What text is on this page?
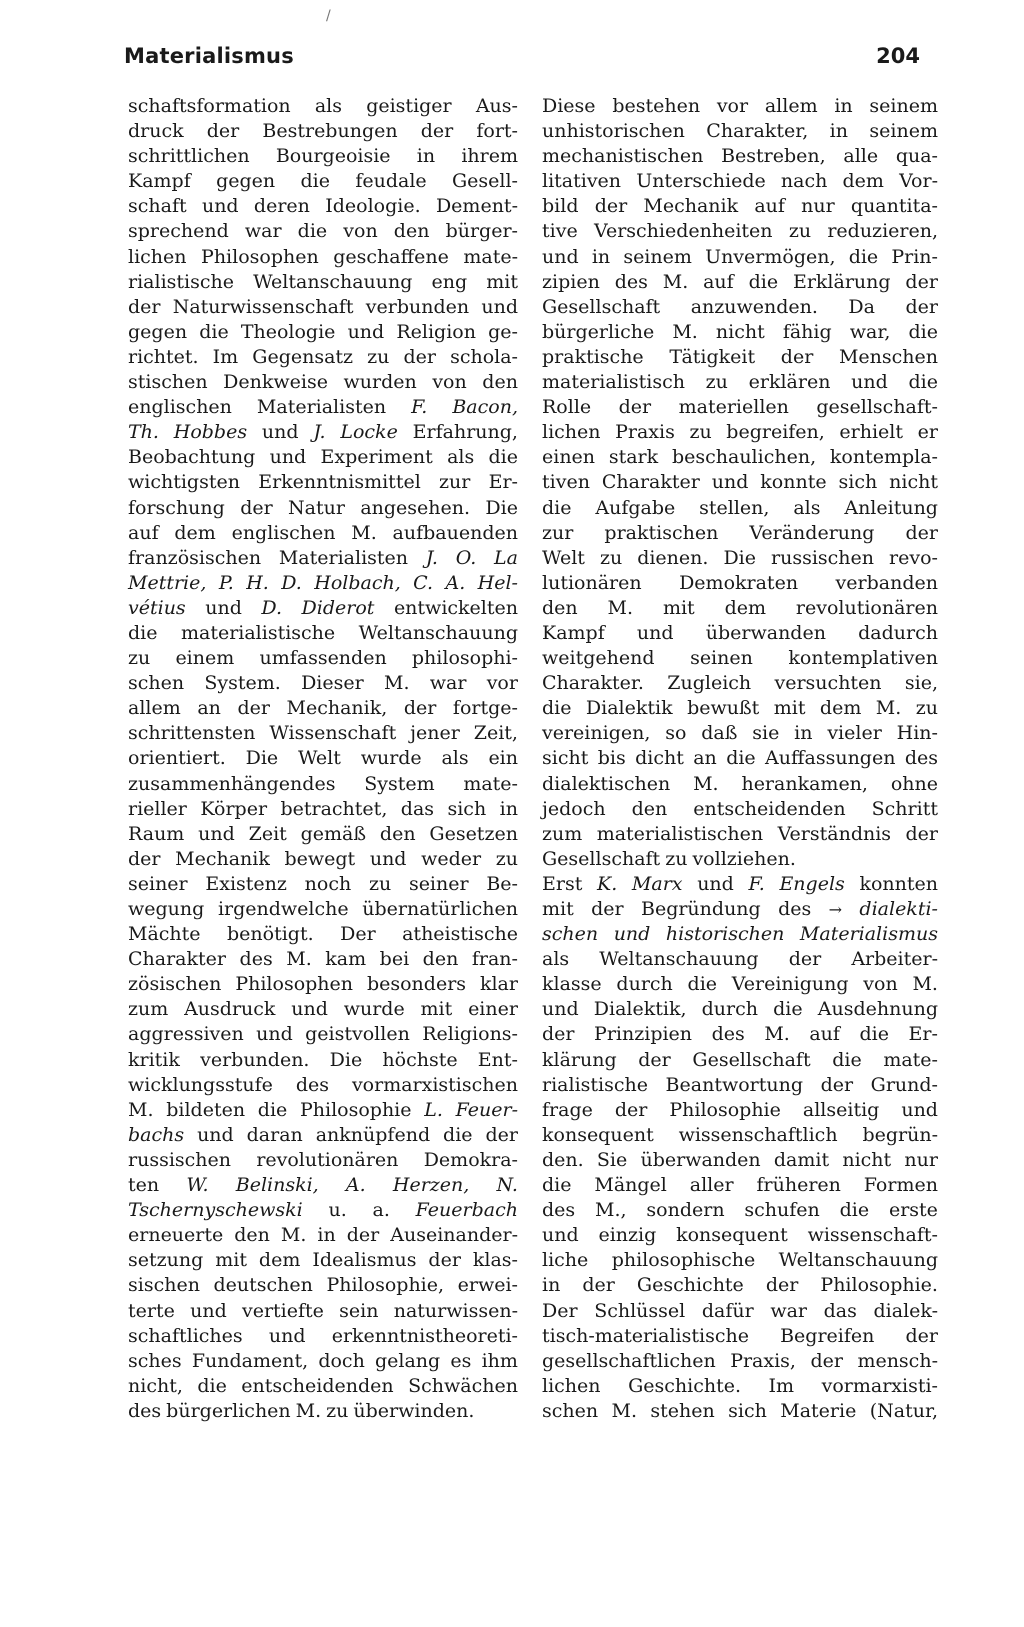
Materialismus	204
/
schaftsformation als geistiger Aus-
druck der Bestrebungen der fort-
schrittlichen Bourgeoisie in ihrem
Kampf gegen die feudale Gesell-
schaft und deren Ideologie. Dement-
sprechend war die von den bürger-
lichen Philosophen geschaffene mate-
rialistische Weltanschauung eng mit
der Naturwissenschaft verbunden und
gegen die Theologie und Religion ge-
richtet. Im Gegensatz zu der schola-
stischen Denkweise wurden von den
englischen Materialisten F. Bacon,
Th. Hobbes und J. Locke Erfahrung,
Beobachtung und Experiment als die
wichtigsten Erkenntnismittel zur Er-
forschung der Natur angesehen. Die
auf dem englischen M. aufbauenden
französischen Materialisten J. O. La
Mettrie, P. H. D. Holbach, C. A. Hel-
vétius und D. Diderot entwickelten
die materialistische Weltanschauung
zu einem umfassenden philosophi-
schen System. Dieser M. war vor
allem an der Mechanik, der fortge-
schrittensten Wissenschaft jener Zeit,
orientiert. Die Welt wurde als ein
zusammenhängendes System mate-
rieller Körper betrachtet, das sich in
Raum und Zeit gemäß den Gesetzen
der Mechanik bewegt und weder zu
seiner Existenz noch zu seiner Be-
wegung irgendwelche übernatürlichen
Mächte benötigt. Der atheistische
Charakter des M. kam bei den fran-
zösischen Philosophen besonders klar
zum Ausdruck und wurde mit einer
aggressiven und geistvollen Religions-
kritik verbunden. Die höchste Ent-
wicklungsstufe des vormarxistischen
M. bildeten die Philosophie L. Feuer-
bachs und daran anknüpfend die der
russischen revolutionären Demokra-
ten W. Belinski, A. Herzen, N.
Tschernyschewski u. a. Feuerbach
erneuerte den M. in der Auseinander-
setzung mit dem Idealismus der klas-
sischen deutschen Philosophie, erwei-
terte und vertiefte sein naturwissen-
schaftliches und erkenntnistheoreti-
sches Fundament, doch gelang es ihm
nicht, die entscheidenden Schwächen
des bürgerlichen M. zu überwinden.
Diese bestehen vor allem in seinem
unhistorischen Charakter, in seinem
mechanistischen Bestreben, alle qua-
litativen Unterschiede nach dem Vor-
bild der Mechanik auf nur quantita-
tive Verschiedenheiten zu reduzieren,
und in seinem Unvermögen, die Prin-
zipien des M. auf die Erklärung der
Gesellschaft anzuwenden. Da der
bürgerliche M. nicht fähig war, die
praktische Tätigkeit der Menschen
materialistisch zu erklären und die
Rolle der materiellen gesellschaft-
lichen Praxis zu begreifen, erhielt er
einen stark beschaulichen, kontempla-
tiven Charakter und konnte sich nicht
die Aufgabe stellen, als Anleitung
zur praktischen Veränderung der
Welt zu dienen. Die russischen revo-
lutionären Demokraten verbanden
den M. mit dem revolutionären
Kampf und überwanden dadurch
weitgehend seinen kontemplativen
Charakter. Zugleich versuchten sie,
die Dialektik bewußt mit dem M. zu
vereinigen, so daß sie in vieler Hin-
sicht bis dicht an die Auffassungen des
dialektischen M. herankamen, ohne
jedoch den entscheidenden Schritt
zum materialistischen Verständnis der
Gesellschaft zu vollziehen.
Erst K. Marx und F. Engels konnten
mit der Begründung des → dialekti-
schen und historischen Materialismus
als Weltanschauung der Arbeiter-
klasse durch die Vereinigung von M.
und Dialektik, durch die Ausdehnung
der Prinzipien des M. auf die Er-
klärung der Gesellschaft die mate-
rialistische Beantwortung der Grund-
frage der Philosophie allseitig und
konsequent wissenschaftlich begrün-
den. Sie überwanden damit nicht nur
die Mängel aller früheren Formen
des M., sondern schufen die erste
und einzig konsequent wissenschaft-
liche philosophische Weltanschauung
in der Geschichte der Philosophie.
Der Schlüssel dafür war das dialek-
tisch-materialistische Begreifen der
gesellschaftlichen Praxis, der mensch-
lichen Geschichte. Im vormarxisti-
schen M. stehen sich Materie (Natur,
